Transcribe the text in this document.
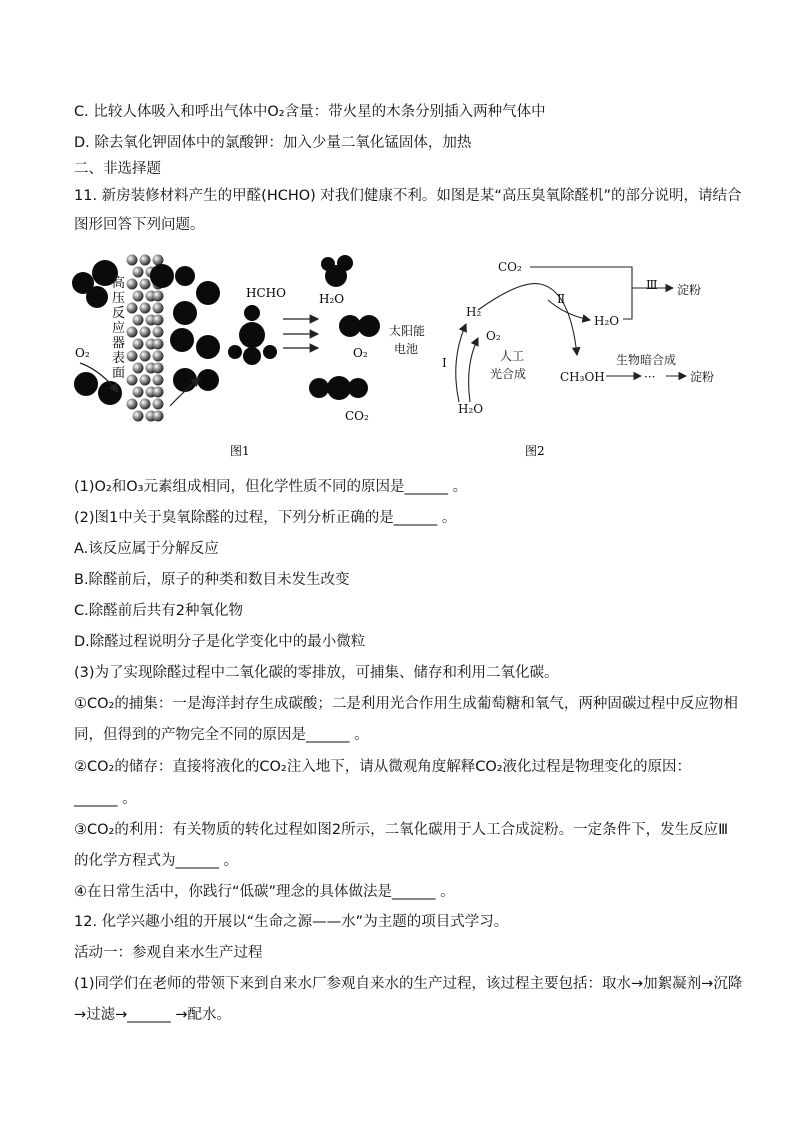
C. 比较人体吸入和呼出气体中O₂含量：带火星的木条分别插入两种气体中
D. 除去氧化钾固体中的氯酸钾：加入少量二氧化锰固体，加热
二、非选择题
11. 新房装修材料产生的甲醛(HCHO) 对我们健康不利。如图是某“高压臭氧除醛机”的部分说明，请结合
图形回答下列问题。
O₂
O₃
高
压
反
应
器
表
面
HCHO	H₂O
O₂
CO₂
图1
CO₂
H₂
O₂
H₂O
H₂O
太阳能
电池	人工
光合成	CH₃OH
生物暗合成
···
淀粉
淀粉
Ⅰ
Ⅱ
Ⅲ
图2
(1)O₂和O₃元素组成相同，但化学性质不同的原因是______ 。
(2)图1中关于臭氧除醛的过程，下列分析正确的是______ 。
A.该反应属于分解反应
B.除醛前后，原子的种类和数目未发生改变
C.除醛前后共有2种氧化物
D.除醛过程说明分子是化学变化中的最小微粒
(3)为了实现除醛过程中二氧化碳的零排放，可捕集、储存和利用二氧化碳。
①CO₂的捕集：一是海洋封存生成碳酸；二是利用光合作用生成葡萄糖和氧气，两种固碳过程中反应物相
同，但得到的产物完全不同的原因是______ 。
②CO₂的储存：直接将液化的CO₂注入地下，请从微观角度解释CO₂液化过程是物理变化的原因：
______ 。
③CO₂的利用：有关物质的转化过程如图2所示，二氧化碳用于人工合成淀粉。一定条件下，发生反应Ⅲ
的化学方程式为______ 。
④在日常生活中，你践行“低碳”理念的具体做法是______ 。
12. 化学兴趣小组的开展以“生命之源——水”为主题的项目式学习。
活动一：参观自来水生产过程
(1)同学们在老师的带领下来到自来水厂参观自来水的生产过程，该过程主要包括：取水→加絮凝剂→沉降
→过滤→______ →配水。
